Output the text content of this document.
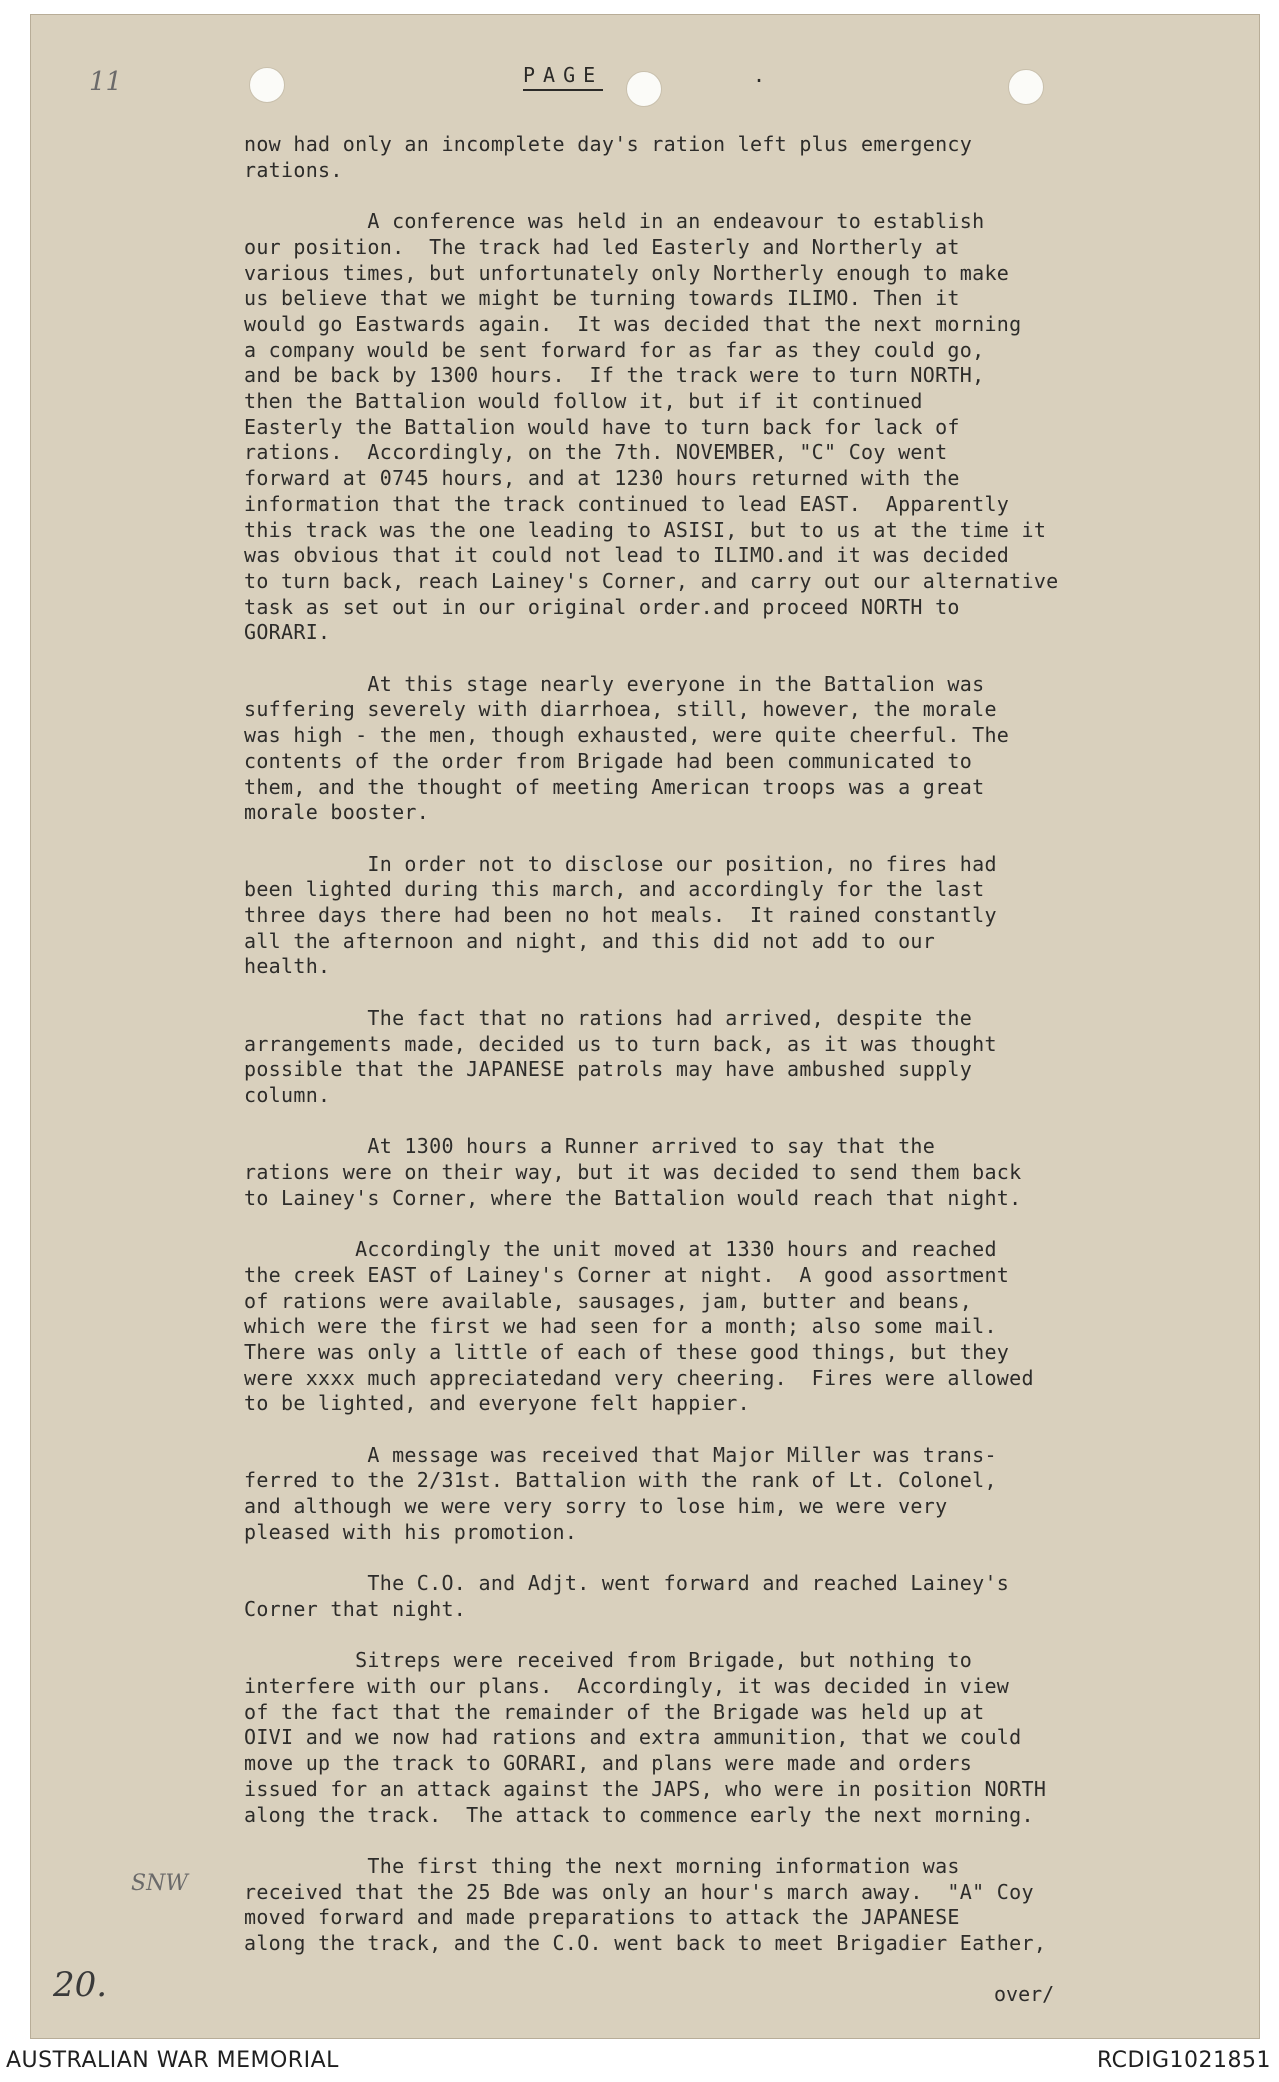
PAGE	.
11
SNW
20.

now had only an incomplete day's ration left plus emergency
rations.

A conference was held in an endeavour to establish
our position.  The track had led Easterly and Northerly at
various times, but unfortunately only Northerly enough to make
us believe that we might be turning towards ILIMO. Then it
would go Eastwards again.  It was decided that the next morning
a company would be sent forward for as far as they could go,
and be back by 1300 hours.  If the track were to turn NORTH,
then the Battalion would follow it, but if it continued
Easterly the Battalion would have to turn back for lack of
rations.  Accordingly, on the 7th. NOVEMBER, "C" Coy went
forward at 0745 hours, and at 1230 hours returned with the
information that the track continued to lead EAST.  Apparently
this track was the one leading to ASISI, but to us at the time it
was obvious that it could not lead to ILIMO.and it was decided
to turn back, reach Lainey's Corner, and carry out our alternative
task as set out in our original order.and proceed NORTH to
GORARI.

At this stage nearly everyone in the Battalion was
suffering severely with diarrhoea, still, however, the morale
was high - the men, though exhausted, were quite cheerful. The
contents of the order from Brigade had been communicated to
them, and the thought of meeting American troops was a great
morale booster.

In order not to disclose our position, no fires had
been lighted during this march, and accordingly for the last
three days there had been no hot meals.  It rained constantly
all the afternoon and night, and this did not add to our
health.

The fact that no rations had arrived, despite the
arrangements made, decided us to turn back, as it was thought
possible that the JAPANESE patrols may have ambushed supply
column.

At 1300 hours a Runner arrived to say that the
rations were on their way, but it was decided to send them back
to Lainey's Corner, where the Battalion would reach that night.

Accordingly the unit moved at 1330 hours and reached
the creek EAST of Lainey's Corner at night.  A good assortment
of rations were available, sausages, jam, butter and beans,
which were the first we had seen for a month; also some mail.
There was only a little of each of these good things, but they
were xxxx much appreciatedand very cheering.  Fires were allowed
to be lighted, and everyone felt happier.

A message was received that Major Miller was trans-
ferred to the 2/31st. Battalion with the rank of Lt. Colonel,
and although we were very sorry to lose him, we were very
pleased with his promotion.

The C.O. and Adjt. went forward and reached Lainey's
Corner that night.

Sitreps were received from Brigade, but nothing to
interfere with our plans.  Accordingly, it was decided in view
of the fact that the remainder of the Brigade was held up at
OIVI and we now had rations and extra ammunition, that we could
move up the track to GORARI, and plans were made and orders
issued for an attack against the JAPS, who were in position NORTH
along the track.  The attack to commence early the next morning.

The first thing the next morning information was
received that the 25 Bde was only an hour's march away.  "A" Coy
moved forward and made preparations to attack the JAPANESE
along the track, and the C.O. went back to meet Brigadier Eather,

over/
AUSTRALIAN WAR MEMORIAL	RCDIG1021851
